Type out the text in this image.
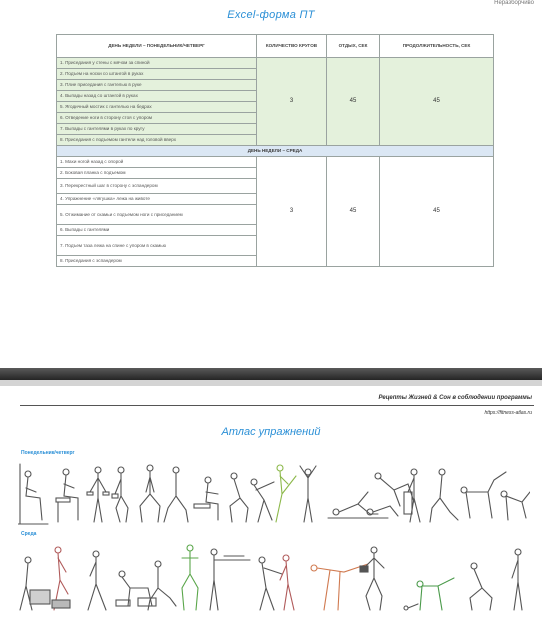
Неразборчиво
Excel-форма ПТ
ДЕНЬ НЕДЕЛИ – ПОНЕДЕЛЬНИК/ЧЕТВЕРГ	КОЛИЧЕСТВО КРУГОВ	ОТДЫХ, СЕК	ПРОДОЛЖИТЕЛЬНОСТЬ, СЕК
1. Приседания у стены с мячом за спиной	3	45	45
2. Подъем на носки со штангой в руках			
3. Плие приседания с гантелью в руке			
4. Выпады назад со штангой в руках			
5. Ягодичный мостик с гантелью на бедрах			
6. Отведение ноги в сторону стоя с упором			
7. Выпады с гантелями в руках по кругу			
8. Приседания с подъемом гантели над головой вверх			
ДЕНЬ НЕДЕЛИ – СРЕДА			
1. Махи ногой назад с опорой	3	45	45
2. Боковая планка с подъемом			
3. Перекрестный шаг в сторону с эспандером			
4. Упражнение «лягушка» лежа на животе			
5. Отжимание от скамьи с подъемом ноги с приседанием			
6. Выпады с гантелями			
7. Подъем таза лежа на спине с упором в скамью			
8. Приседания с эспандером			
Рецепты Жизней & Сон в соблюдении программы
https://fitness-atlas.ru
Атлас упражнений
Понедельник/четверг
Среда
